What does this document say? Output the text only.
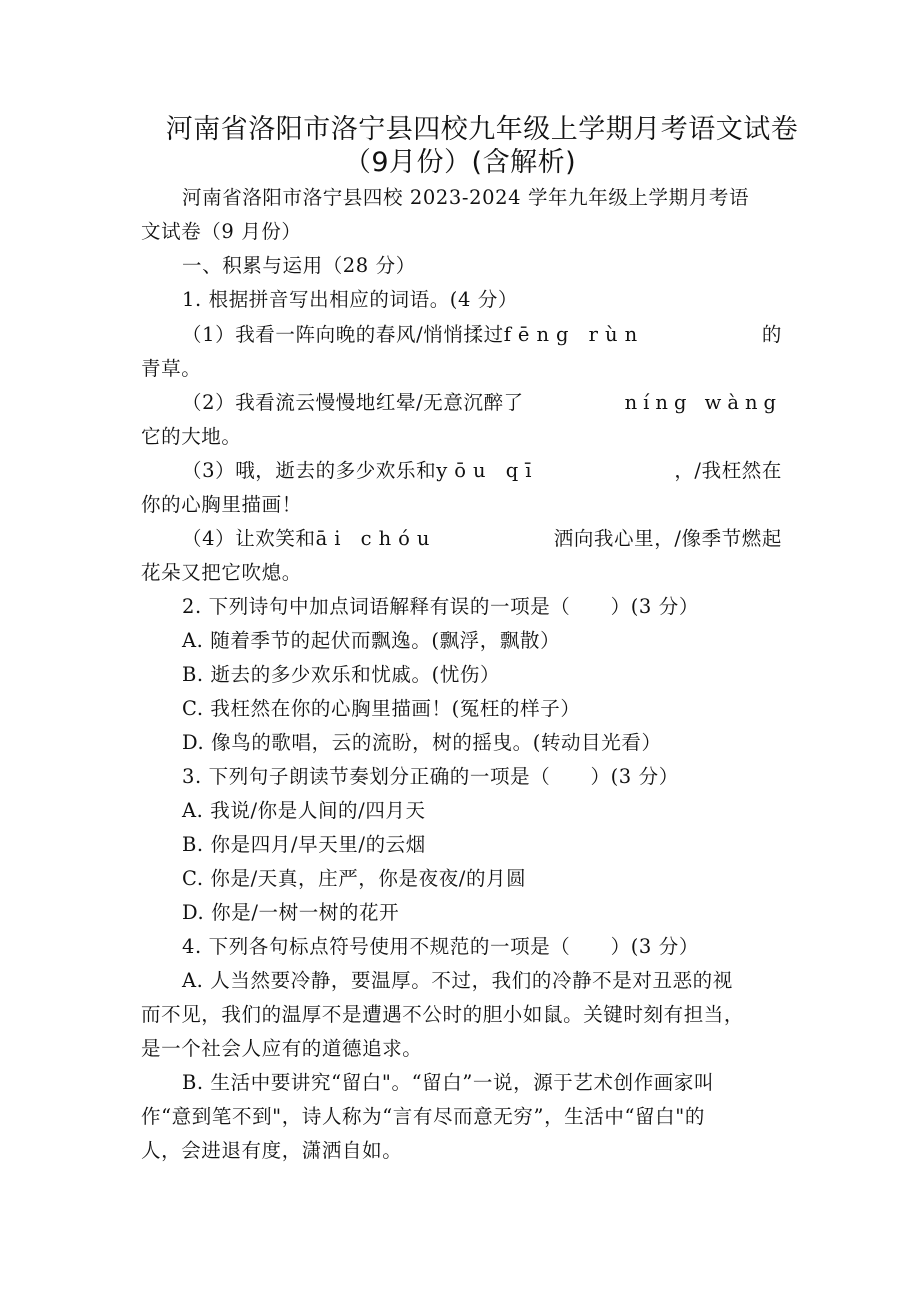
河南省洛阳市洛宁县四校九年级上学期月考语文试卷
（9月份）(含解析)
河南省洛阳市洛宁县四校 2023-2024 学年九年级上学期月考语
文试卷（9 月份）
一、积累与运用（28 分）
1. 根据拼音写出相应的词语。(4 分）
（1）我看一阵向晚的春风/悄悄揉过fēng rùn	的
青草。
（2）我看流云慢慢地红晕/无意沉醉了	níng wàng
它的大地。
（3）哦，逝去的多少欢乐和yōu qī	，/我枉然在
你的心胸里描画！
（4）让欢笑和āi chóu	洒向我心里，/像季节燃起
花朵又把它吹熄。
2. 下列诗句中加点词语解释有误的一项是（　　）(3 分）
A. 随着季节的起伏而飘逸。(飘浮，飘散）
B. 逝去的多少欢乐和忧戚。(忧伤）
C. 我枉然在你的心胸里描画！(冤枉的样子）
D. 像鸟的歌唱，云的流盼，树的摇曳。(转动目光看）
3. 下列句子朗读节奏划分正确的一项是（　　）(3 分）
A. 我说/你是人间的/四月天
B. 你是四月/早天里/的云烟
C. 你是/天真，庄严，你是夜夜/的月圆
D. 你是/一树一树的花开
4. 下列各句标点符号使用不规范的一项是（　　）(3 分）
A. 人当然要冷静，要温厚。不过，我们的冷静不是对丑恶的视
而不见，我们的温厚不是遭遇不公时的胆小如鼠。关键时刻有担当，
是一个社会人应有的道德追求。
B. 生活中要讲究“留白"。“留白”一说，源于艺术创作画家叫
作“意到笔不到"，诗人称为“言有尽而意无穷”，生活中“留白"的
人，会进退有度，潇洒自如。
